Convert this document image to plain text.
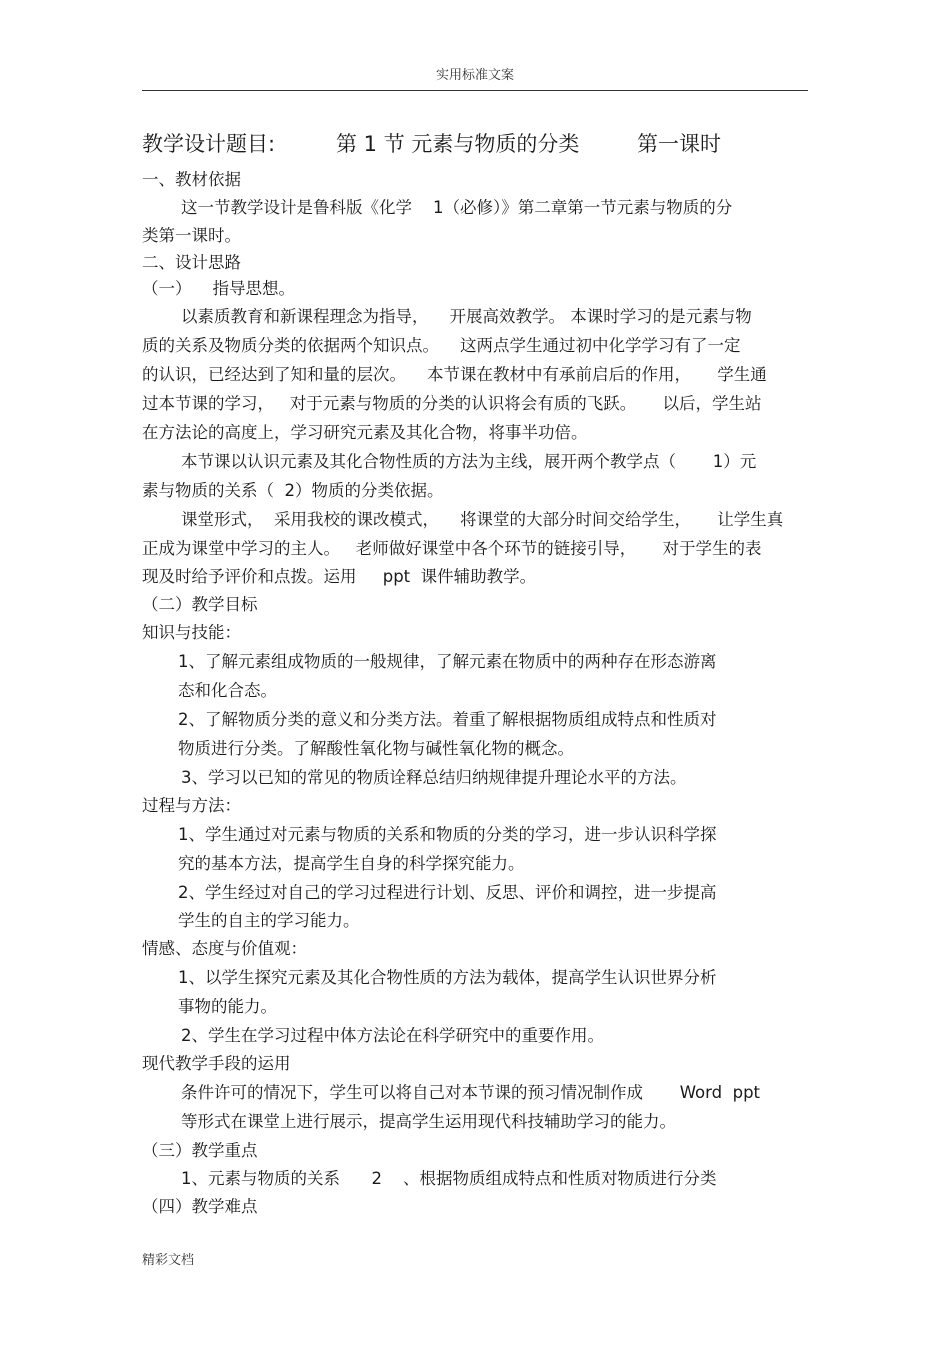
实用标准文案
教学设计题目:	第 1 节 元素与物质的分类	第一课时
一、教材依据
这一节教学设计是鲁科版《化学    1（必修）》第二章第一节元素与物质的分
类第一课时。
二、设计思路
（一）    指导思想。
以素质教育和新课程理念为指导，    开展高效教学。 本课时学习的是元素与物
质的关系及物质分类的依据两个知识点。    这两点学生通过初中化学学习有了一定
的认识，已经达到了知和量的层次。    本节课在教材中有承前启后的作用，     学生通
过本节课的学习，   对于元素与物质的分类的认识将会有质的飞跃。     以后，学生站
在方法论的高度上，学习研究元素及其化合物，将事半功倍。
本节课以认识元素及其化合物性质的方法为主线，展开两个教学点（       1）元
素与物质的关系（  2）物质的分类依据。
课堂形式，  采用我校的课改模式，    将课堂的大部分时间交给学生，     让学生真
正成为课堂中学习的主人。   老师做好课堂中各个环节的链接引导，     对于学生的表
现及时给予评价和点拨。运用     ppt  课件辅助教学。
（二）教学目标
知识与技能：
1、了解元素组成物质的一般规律，了解元素在物质中的两种存在形态游离
态和化合态。
2、了解物质分类的意义和分类方法。着重了解根据物质组成特点和性质对
物质进行分类。了解酸性氧化物与碱性氧化物的概念。
3、学习以已知的常见的物质诠释总结归纳规律提升理论水平的方法。
过程与方法：
1、学生通过对元素与物质的关系和物质的分类的学习，进一步认识科学探
究的基本方法，提高学生自身的科学探究能力。
2、学生经过对自己的学习过程进行计划、反思、评价和调控，进一步提高
学生的自主的学习能力。
情感、态度与价值观：
1、以学生探究元素及其化合物性质的方法为载体，提高学生认识世界分析
事物的能力。
2、学生在学习过程中体方法论在科学研究中的重要作用。
现代教学手段的运用
条件许可的情况下，学生可以将自己对本节课的预习情况制作成       Word  ppt
等形式在课堂上进行展示，提高学生运用现代科技辅助学习的能力。
（三）教学重点
1、元素与物质的关系      2    、根据物质组成特点和性质对物质进行分类
（四）教学难点
精彩文档
